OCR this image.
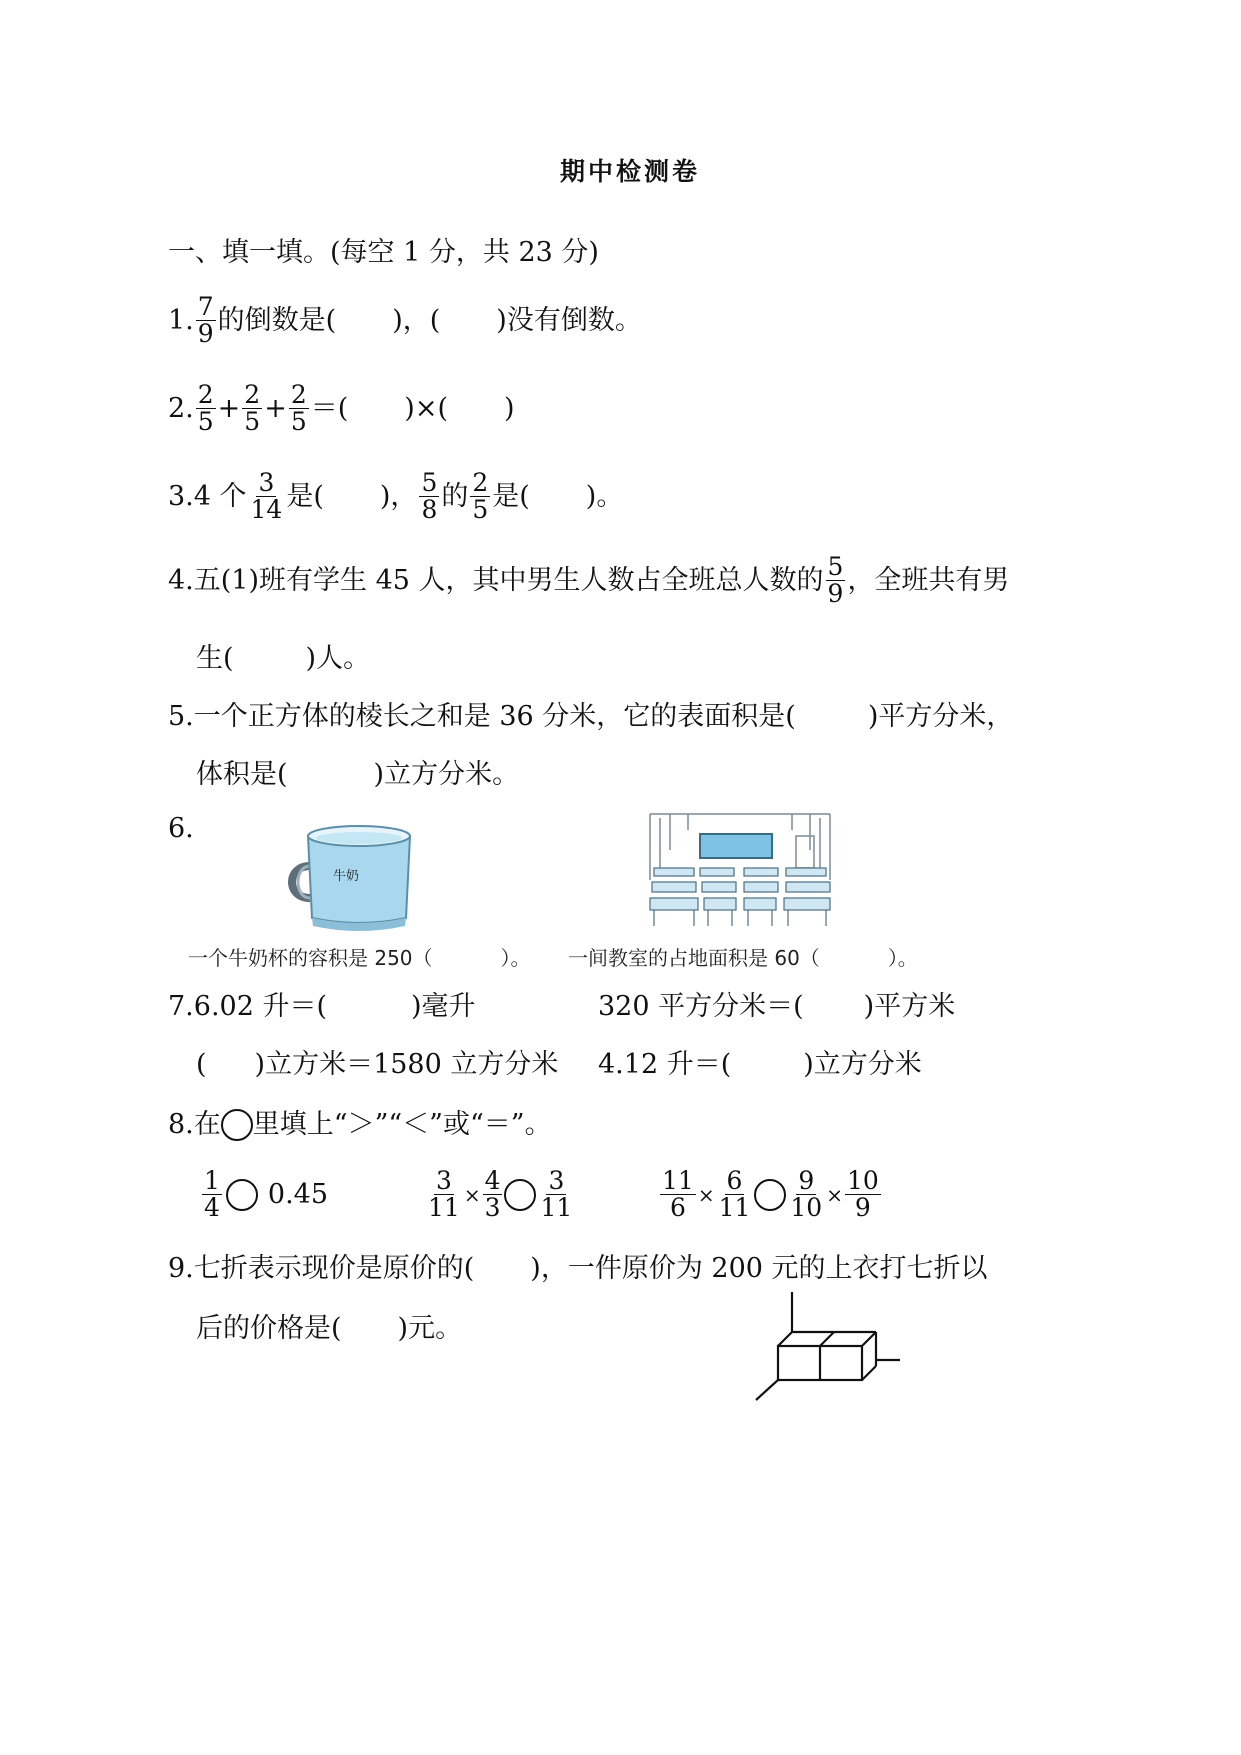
期中检测卷
一、填一填。(每空 1 分，共 23 分)
1. $\frac{7}{9}$ 的倒数是( )，( )没有倒数。
2. $\frac{2}{5} + \frac{2}{5} + \frac{2}{5}$ ＝( )×( )
3.4 个 $\frac{3}{14}$ 是( )， $\frac{5}{8}$ 的 $\frac{2}{5}$ 是( )。
4.五(1)班有学生 45 人，其中男生人数占全班总人数的 $\frac{5}{9}$ ，全班共有男
生(	)人。
5.一个正方体的棱长之和是 36 分米，它的表面积是(	)平方分米，
体积是(	)立方分米。
6.
牛奶
一个牛奶杯的容积是 250（	）。 一间教室的占地面积是 60（	）。
7.6.02 升＝(	)毫升	320 平方分米＝( )平方米
( )立方米＝1580 立方分米 4.12 升＝(	)立方分米
8.在 里填上“＞”“＜”或“＝”。
$\frac{1}{4} 0.45$	$\frac{3}{11} \times \frac{4}{3} \frac{3}{11}$	$\frac{11}{6} \times \frac{6}{11} \frac{9}{10} \times \frac{10}{9}$
9.七折表示现价是原价的( )，一件原价为 200 元的上衣打七折以
后的价格是( )元。
